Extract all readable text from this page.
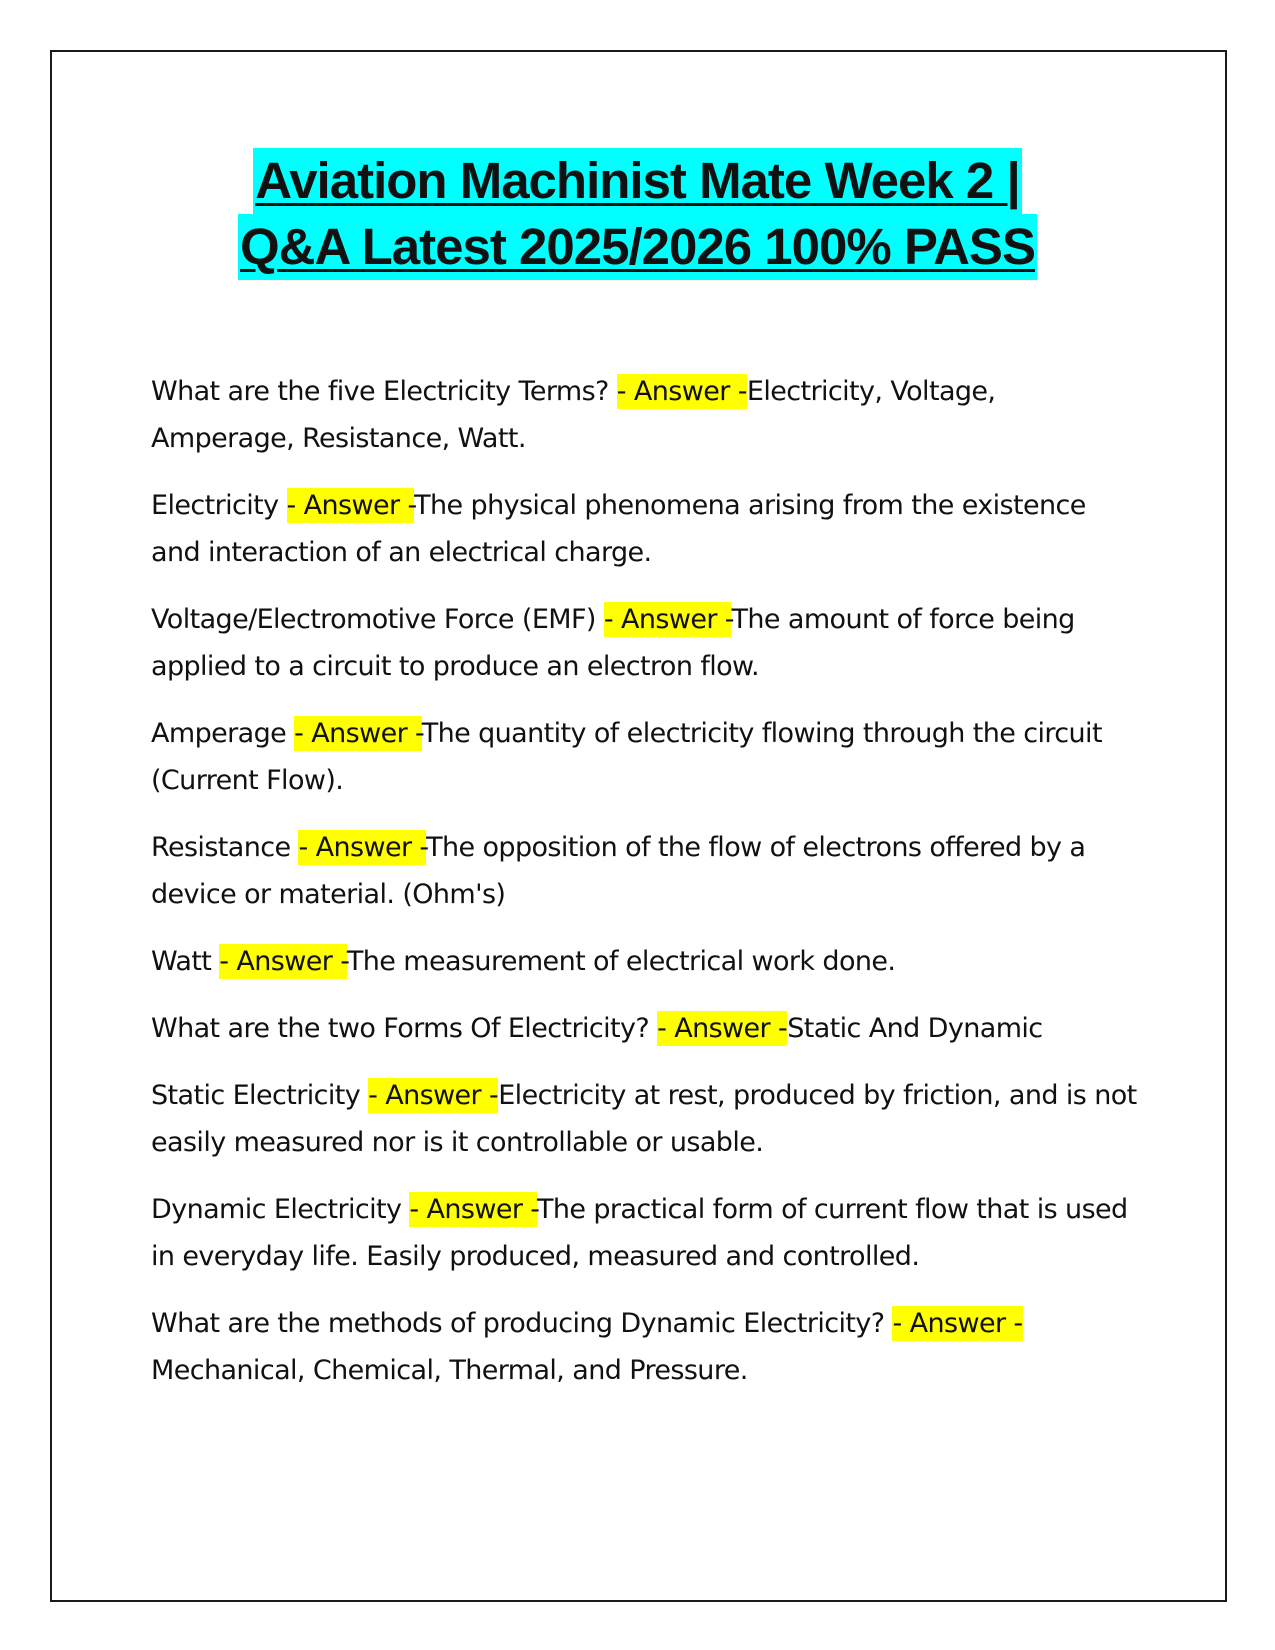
Aviation Machinist Mate Week 2 |
Q&A Latest 2025/2026 100% PASS

What are the five Electricity Terms? - Answer -Electricity, Voltage, Amperage, Resistance, Watt.

Electricity - Answer -The physical phenomena arising from the existence and interaction of an electrical charge.

Voltage/Electromotive Force (EMF) - Answer -The amount of force being applied to a circuit to produce an electron flow.

Amperage - Answer -The quantity of electricity flowing through the circuit (Current Flow).

Resistance - Answer -The opposition of the flow of electrons offered by a device or material. (Ohm's)

Watt - Answer -The measurement of electrical work done.

What are the two Forms Of Electricity? - Answer -Static And Dynamic

Static Electricity - Answer -Electricity at rest, produced by friction, and is not easily measured nor is it controllable or usable.

Dynamic Electricity - Answer -The practical form of current flow that is used in everyday life. Easily produced, measured and controlled.

What are the methods of producing Dynamic Electricity? - Answer -Mechanical, Chemical, Thermal, and Pressure.
